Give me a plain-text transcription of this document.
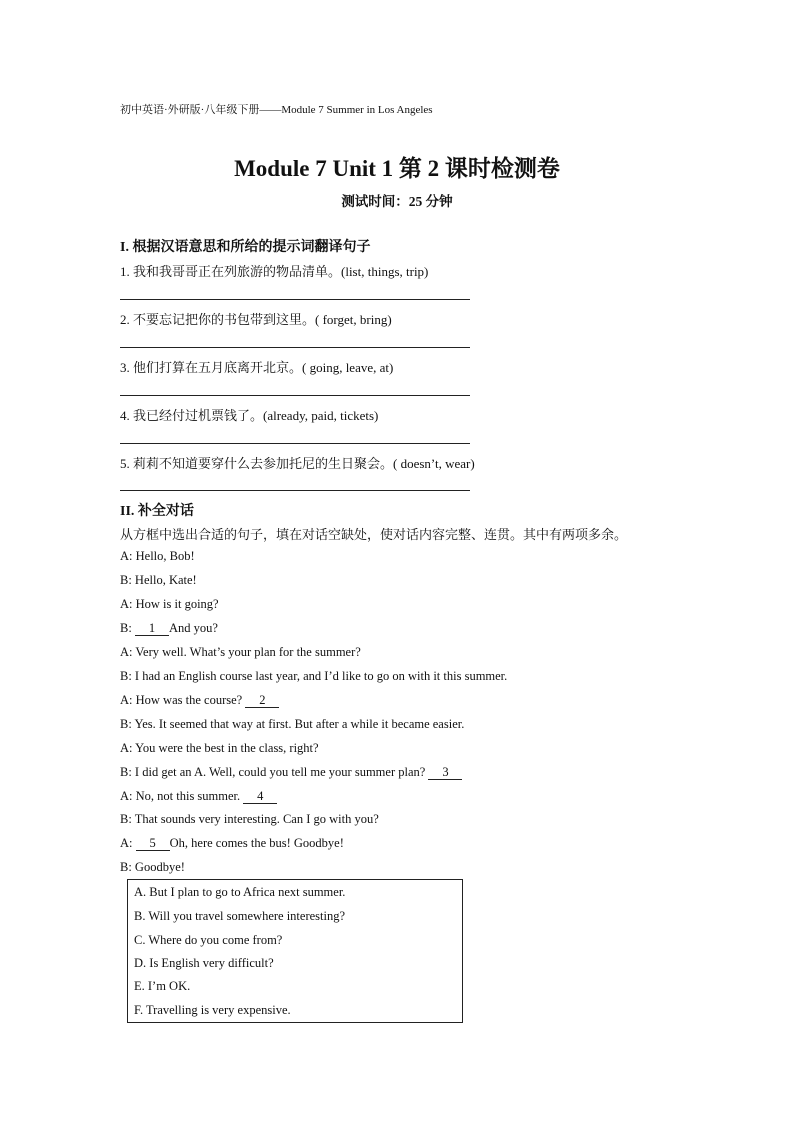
初中英语·外研版·八年级下册——Module 7 Summer in Los Angeles
Module 7 Unit 1 第 2 课时检测卷
测试时间：25 分钟
I. 根据汉语意思和所给的提示词翻译句子
1. 我和我哥哥正在列旅游的物品清单。(list, things, trip)
2. 不要忘记把你的书包带到这里。( forget, bring)
3. 他们打算在五月底离开北京。( going, leave, at)
4. 我已经付过机票钱了。(already, paid, tickets)
5. 莉莉不知道要穿什么去参加托尼的生日聚会。( doesn’t, wear)
II. 补全对话
从方框中选出合适的句子，填在对话空缺处，使对话内容完整、连贯。其中有两项多余。
A: Hello, Bob!
B: Hello, Kate!
A: How is it going?
B: 1 And you?
A: Very well. What’s your plan for the summer?
B: I had an English course last year, and I’d like to go on with it this summer.
A: How was the course? 2
B: Yes. It seemed that way at first. But after a while it became easier.
A: You were the best in the class, right?
B: I did get an A. Well, could you tell me your summer plan? 3
A: No, not this summer. 4
B: That sounds very interesting. Can I go with you?
A: 5 Oh, here comes the bus! Goodbye!
B: Goodbye!
A. But I plan to go to Africa next summer.
B. Will you travel somewhere interesting?
C. Where do you come from?
D. Is English very difficult?
E. I’m OK.
F. Travelling is very expensive.
